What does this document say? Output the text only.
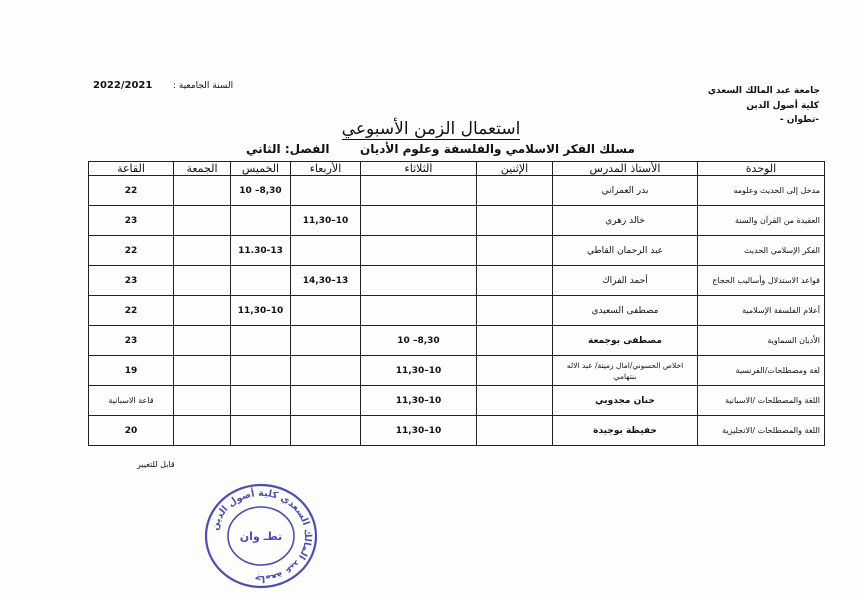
جامعة عبد المالك السعدي
كلية أصول الدين
-تطوان -
السنة الجامعية :
2022/2021
استعمال الزمن الأسبوعي
مسلك الفكر الاسلامي والفلسفة وعلوم الأديان
الفصل: الثاني
الوحدة	الأستاذ المدرس	الإثنين	الثلاثاء	الأربعاء	الخميس	الجمعة	القاعة
مدخل إلى الحديث وعلومه	بدر العمراني				8,30– 10		22
العقيدة من القرآن والسنة	خالد زهري			10–11,30			23
الفكر الإسلامي الحديث	عبد الرحمان القاطي				11.30-13		22
قواعد الاستدلال وأساليب الحجاج	أحمد الفراك			13–14,30			23
أعلام الفلسفة الإسلامية	مصطفى السعيدي				10–11,30		22
الأديان السماوية	مصطفى بوجمعة		8,30– 10				23
لغة ومصطلحات/الفرنسية	اخلاص الحسوني/امال زميتة/ عبد الاله بنتهامي		10–11,30				19
اللغة والمصطلحات /الاسبانية	حنان مجدوبي		10–11,30				قاعة الاسبانية
اللغة والمصطلحات /الانجليزية	حفيظة بوجيدة		10–11,30				20
قابل للتغيير
جامعة عبد المالك السعدي كلية أصول الدين
تطـ وان
